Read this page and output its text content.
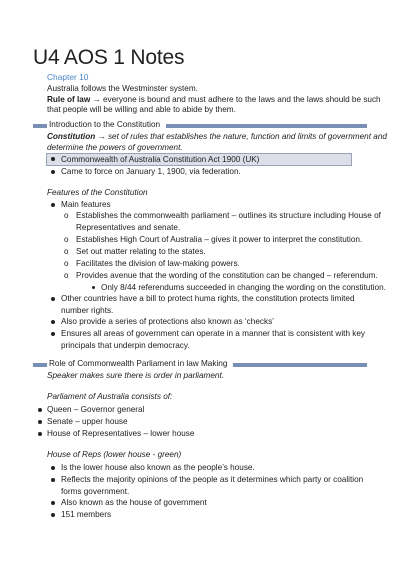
U4 AOS 1 Notes
Chapter 10
Australia follows the Westminster system.
Rule of law → everyone is bound and must adhere to the laws and the laws should be such
that people will be willing and able to abide by them.
Introduction to the Constitution
Constitution → set of rules that establishes the nature, function and limits of government and
determine the powers of government.
Commonwealth of Australia Constitution Act 1900 (UK)
Came to force on January 1, 1900, via federation.
Features of the Constitution
Main features
o Establishes the commonwealth parliament – outlines its structure including House of
Representatives and senate.
o Establishes High Court of Australia – gives it power to interpret the constitution.
o Set out matter relating to the states.
o Facilitates the division of law-making powers.
o Provides avenue that the wording of the constitution can be changed – referendum.
Only 8/44 referendums succeeded in changing the wording on the constitution.
Other countries have a bill to protect huma rights, the constitution protects limited
number rights.
Also provide a series of protections also known as ‘checks’
Ensures all areas of government can operate in a manner that is consistent with key
principals that underpin democracy.
Role of Commonwealth Parliament in law Making
Speaker makes sure there is order in parliament.
Parliament of Australia consists of:
Queen – Governor general
Senate – upper house
House of Representatives – lower house
House of Reps (lower house - green)
Is the lower house also known as the people’s house.
Reflects the majority opinions of the people as it determines which party or coalition
forms government.
Also known as the house of government
151 members
